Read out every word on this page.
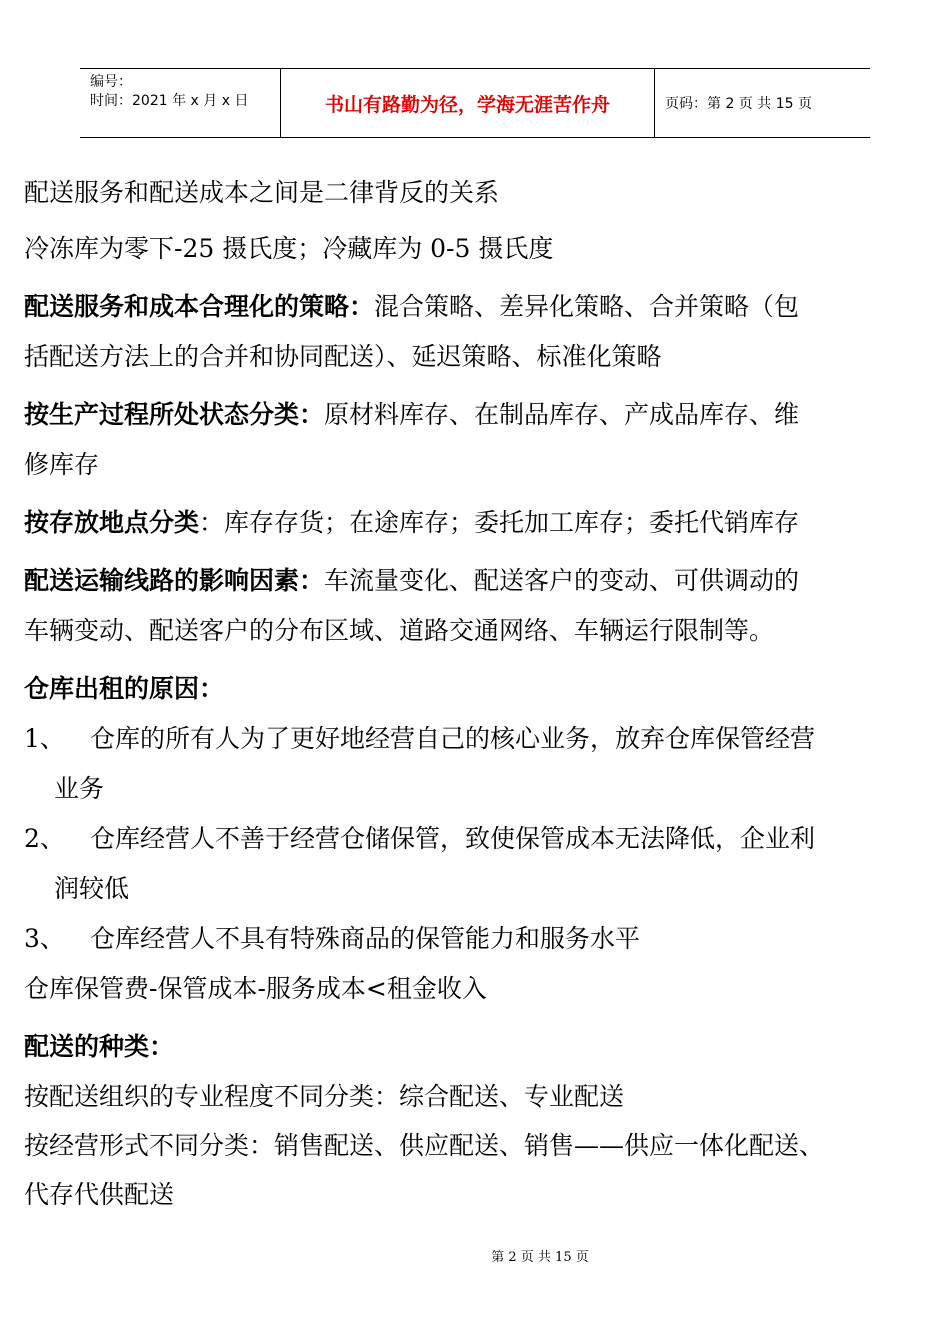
编号：
时间：2021 年 x 月 x 日	书山有路勤为径，学海无涯苦作舟	页码：第 2 页 共 15 页

配送服务和配送成本之间是二律背反的关系

冷冻库为零下-25 摄氏度；冷藏库为 0-5 摄氏度

配送服务和成本合理化的策略：混合策略、差异化策略、合并策略（包

括配送方法上的合并和协同配送）、延迟策略、标准化策略

按生产过程所处状态分类：原材料库存、在制品库存、产成品库存、维

修库存

按存放地点分类：库存存货；在途库存；委托加工库存；委托代销库存

配送运输线路的影响因素：车流量变化、配送客户的变动、可供调动的

车辆变动、配送客户的分布区域、道路交通网络、车辆运行限制等。

仓库出租的原因：

1、	仓库的所有人为了更好地经营自己的核心业务，放弃仓库保管经营
业务
2、	仓库经营人不善于经营仓储保管，致使保管成本无法降低，企业利
润较低
3、	仓库经营人不具有特殊商品的保管能力和服务水平

仓库保管费-保管成本-服务成本<租金收入

配送的种类：

按配送组织的专业程度不同分类：综合配送、专业配送

按经营形式不同分类：销售配送、供应配送、销售——供应一体化配送、

代存代供配送

第 2 页 共 15 页
